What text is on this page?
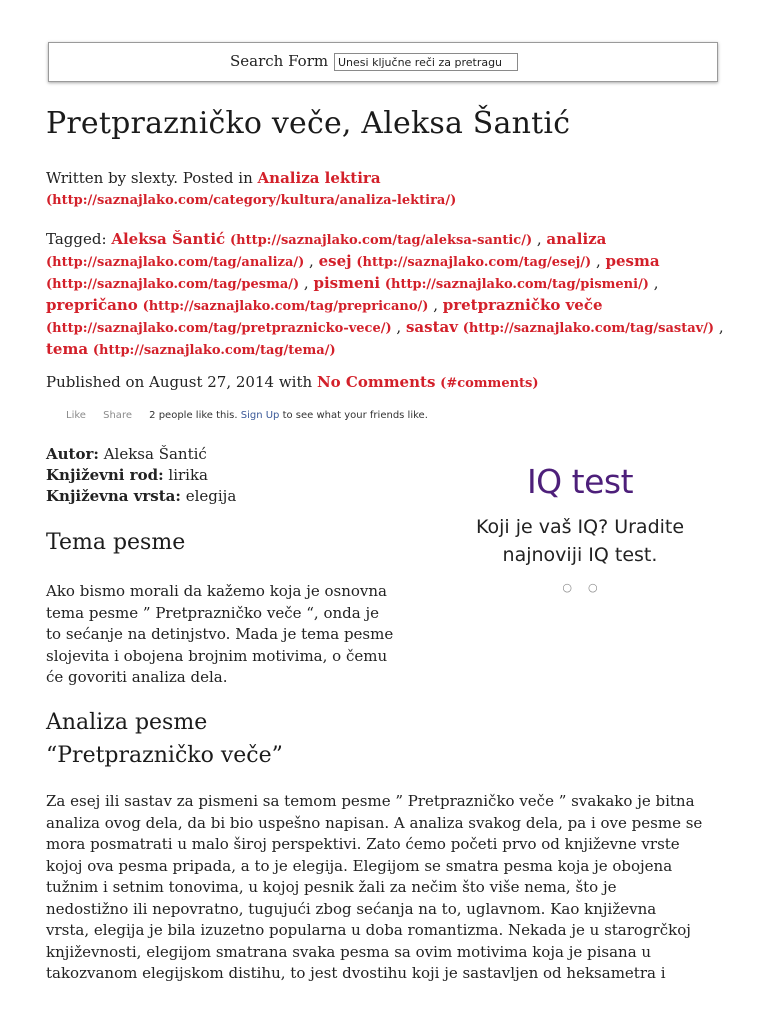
Search Form
Unesi ključne reči za pretragu
Pretprazničko veče, Aleksa Šantić
Written by slexty. Posted in Analiza lektira
(http://saznajlako.com/category/kultura/analiza-lektira/)
Tagged: Aleksa Šantić (http://saznajlako.com/tag/aleksa-santic/) , analiza
(http://saznajlako.com/tag/analiza/) , esej (http://saznajlako.com/tag/esej/) , pesma
(http://saznajlako.com/tag/pesma/) , pismeni (http://saznajlako.com/tag/pismeni/) ,
prepričano (http://saznajlako.com/tag/prepricano/) , pretprazničko veče
(http://saznajlako.com/tag/pretpraznicko-vece/) , sastav (http://saznajlako.com/tag/sastav/) ,
tema (http://saznajlako.com/tag/tema/)
Published on August 27, 2014 with No Comments (#comments)
Like Share 2 people like this. Sign Up to see what your friends like.
Autor: Aleksa Šantić
Književni rod: lirika
Književna vrsta: elegija
Tema pesme

Ako bismo morali da kažemo koja je osnovna
tema pesme ” Pretprazničko veče “, onda je
to sećanje na detinjstvo. Mada je tema pesme
slojevita i obojena brojnim motivima, o čemu
će govoriti analiza dela.

Analiza pesme
“Pretprazničko veče”

Za esej ili sastav za pismeni sa temom pesme ” Pretprazničko veče ” svakako je bitna
analiza ovog dela, da bi bio uspešno napisan. A analiza svakog dela, pa i ove pesme se
mora posmatrati u malo široj perspektivi. Zato ćemo početi prvo od književne vrste
kojoj ova pesma pripada, a to je elegija. Elegijom se smatra pesma koja je obojena
tužnim i setnim tonovima, u kojoj pesnik žali za nečim što više nema, što je
nedostižno ili nepovratno, tugujući zbog sećanja na to, uglavnom. Kao književna
vrsta, elegija je bila izuzetno popularna u doba romantizma. Nekada je u starogrčkoj
književnosti, elegijom smatrana svaka pesma sa ovim motivima koja je pisana u
takozvanom elegijskom distihu, to jest dvostihu koji je sastavljen od heksametra i

IQ test
Koji je vaš IQ? Uradite
najnoviji IQ test.
○○
